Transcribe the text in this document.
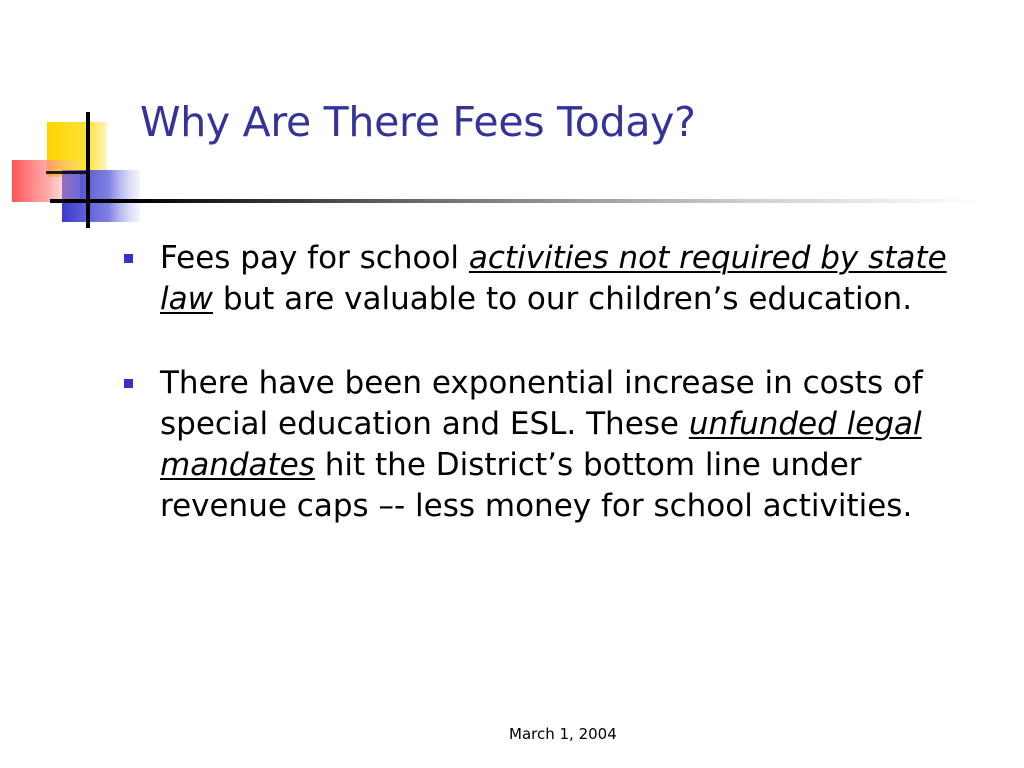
Why Are There Fees Today?
Fees pay for school activities not required by state law but are valuable to our children’s education.
There have been exponential increase in costs of special education and ESL. These unfunded legal mandates hit the District’s bottom line under revenue caps –- less money for school activities.
March 1, 2004
